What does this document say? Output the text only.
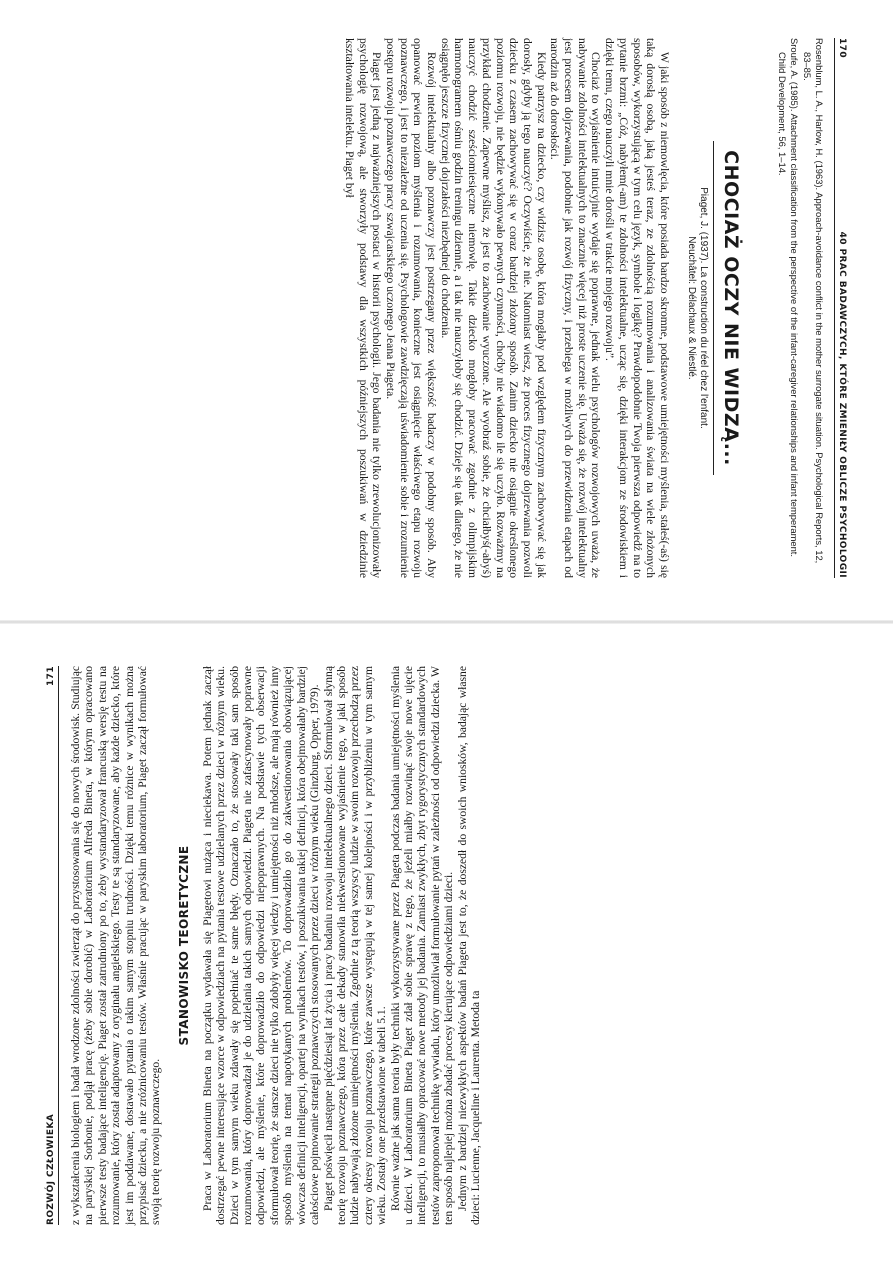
170
40 PRAC BADAWCZYCH, KTÓRE ZMIENIŁY OBLICZE PSYCHOLOGII

Rosenblum, L. A., Harlow, H. (1963). Approach-avoidance conflict in the mother surrogate situation. Psychological Reports, 12, 83–85.

Sroufe, A. (1985). Attachment classification from the perspective of the infant-caregiver relationships and infant temperament. Child Development, 56, 1–14.

CHOCIAŻ OCZY NIE WIDZĄ...
Piaget, J. (1937). La construction du réel chez l'enfant.
Neuchâtel: Délachaux & Niestlé.

W jaki sposób z niemowlęcia, które posiada bardzo skromne, podstawowe umiejętności myślenia, stałeś(-aś) się taką dorosłą osobą, jaką jesteś teraz, ze zdolnością rozumowania i analizowania świata na wiele złożonych sposobów, wykorzystującą w tym celu język, symbole i logikę? Prawdopodobnie Twoja pierwsza odpowiedź na to pytanie brzmi: „Cóż, nabyłem(-am) te zdolności intelektualne, ucząc się, dzięki interakcjom ze środowiskiem i dzięki temu, czego nauczyli mnie dorośli w trakcie mojego rozwoju”.

Chociaż to wyjaśnienie intuicyjnie wydaje się poprawne, jednak wielu psychologów rozwojowych uważa, że nabywanie zdolności intelektualnych to znacznie więcej niż proste uczenie się. Uważa się, że rozwój intelektualny jest procesem dojrzewania, podobnie jak rozwój fizyczny, i przebiega w możliwych do przewidzenia etapach od narodzin aż do dorosłości.

Kiedy patrzysz na dziecko, czy widzisz osobę, która mogłaby pod względem fizycznym zachowywać się jak dorosły, gdyby ją tego nauczyć? Oczywiście, że nie. Natomiast wiesz, że proces fizycznego dojrzewania pozwoli dziecku z czasem zachowywać się w coraz bardziej złożony sposób. Zanim dziecko nie osiągnie określonego poziomu rozwoju, nie będzie wykonywało pewnych czynności, choćby nie wiadomo ile się uczyło. Rozważmy na przykład chodzenie. Zapewne myślisz, że jest to zachowanie wyuczone. Ale wyobraź sobie, że chciałbyś(-abyś) nauczyć chodzić sześciomiesięczne niemowlę. Takie dziecko mogłoby pracować zgodnie z olimpijskim harmonogramem ośmiu godzin treningu dziennie, a i tak nie nauczyłoby się chodzić. Dzieje się tak dlatego, że nie osiągnęło jeszcze fizycznej dojrzałości niezbędnej do chodzenia.

Rozwój intelektualny albo poznawczy jest postrzegany przez większość badaczy w podobny sposób. Aby opanować pewien poziom myślenia i rozumowania, konieczne jest osiągnięcie właściwego etapu rozwoju poznawczego, i jest to niezależne od uczenia się. Psychologowie zawdzięczają uświadomienie sobie i zrozumienie postępu rozwoju poznawczego pracy szwajcarskiego uczonego Jeana Piageta.

Piaget jest jedną z najważniejszych postaci w historii psychologii. Jego badania nie tylko zrewolucjonizowały psychologię rozwojową, ale stworzyły podstawy dla wszystkich późniejszych poszukiwań w dziedzinie kształtowania intelektu. Piaget był

ROZWÓJ CZŁOWIEKA
171 z wykształcenia biologiem i badał wrodzone zdolności zwierząt do przystosowania się do nowych środowisk. Studiując na paryskiej Sorbonie, podjął pracę (żeby sobie dorobić) w Laboratorium Alfreda Bineta, w którym opracowano pierwsze testy badające inteligencję. Piaget został zatrudniony po to, żeby wystandaryzował francuską wersję testu na rozumowanie, który został adaptowany z oryginału angielskiego. Testy te są standaryzowane, aby każde dziecko, które jest im poddawane, dostawało pytania o takim samym stopniu trudności. Dzięki temu różnice w wynikach można przypisać dziecku, a nie zróżnicowaniu testów. Właśnie pracując w paryskim laboratorium, Piaget zaczął formułować swoją teorię rozwoju poznawczego.

STANOWISKO TEORETYCZNE Praca w Laboratorium Bineta na początku wydawała się Piagetowi nużąca i nieciekawa. Potem jednak zaczął dostrzegać pewne interesujące wzorce w odpowiedziach na pytania testowe udzielanych przez dzieci w różnym wieku. Dzieci w tym samym wieku zdawały się popełniać te same błędy. Oznaczało to, że stosowały taki sam sposób rozumowania, który doprowadzał je do udzielania takich samych odpowiedzi. Piageta nie zafascynowały poprawne odpowiedzi, ale myślenie, które doprowadziło do odpowiedzi niepoprawnych. Na podstawie tych obserwacji sformułował teorię, że starsze dzieci nie tylko zdobyły więcej wiedzy i umiejętności niż młodsze, ale mają również inny sposób myślenia na temat napotykanych problemów. To doprowadziło go do zakwestionowania obowiązującej wówczas definicji inteligencji, opartej na wynikach testów, i poszukiwania takiej definicji, która obejmowałaby bardziej całościowe pojmowanie strategii poznawczych stosowanych przez dzieci w różnym wieku (Ginzburg, Opper, 1979). Piaget poświęcił następne pięćdziesiąt lat życia i pracy badaniu rozwoju intelektualnego dzieci. Sformułował słynną teorię rozwoju poznawczego, która przez całe dekady stanowiła niekwestionowane wyjaśnienie tego, w jaki sposób ludzie nabywają złożone umiejętności myślenia. Zgodnie z tą teorią wszyscy ludzie w swoim rozwoju przechodzą przez cztery okresy rozwoju poznawczego, które zawsze występują w tej samej kolejności i w przybliżeniu w tym samym wieku. Zostały one przedstawione w tabeli 5.1. Równie ważne jak sama teoria były techniki wykorzystywane przez Piageta podczas badania umiejętności myślenia u dzieci. W Laboratorium Bineta Piaget zdał sobie sprawę z tego, że jeżeli miałby rozwinąć swoje nowe ujęcie inteligencji, to musiałby opracować nowe metody jej badania. Zamiast zwykłych, zbyt rygorystycznych standardowych testów zaproponował technikę wywiadu, który umożliwiał formułowanie pytań w zależności od odpowiedzi dziecka. W ten sposób najlepiej można zbadać procesy kierujące odpowiedziami dzieci. Jednym z bardziej niezwykłych aspektów badań Piageta jest to, że doszedł do swoich wniosków, badając własne dzieci: Lucienne, Jacqueline i Laurenta. Metoda ta
